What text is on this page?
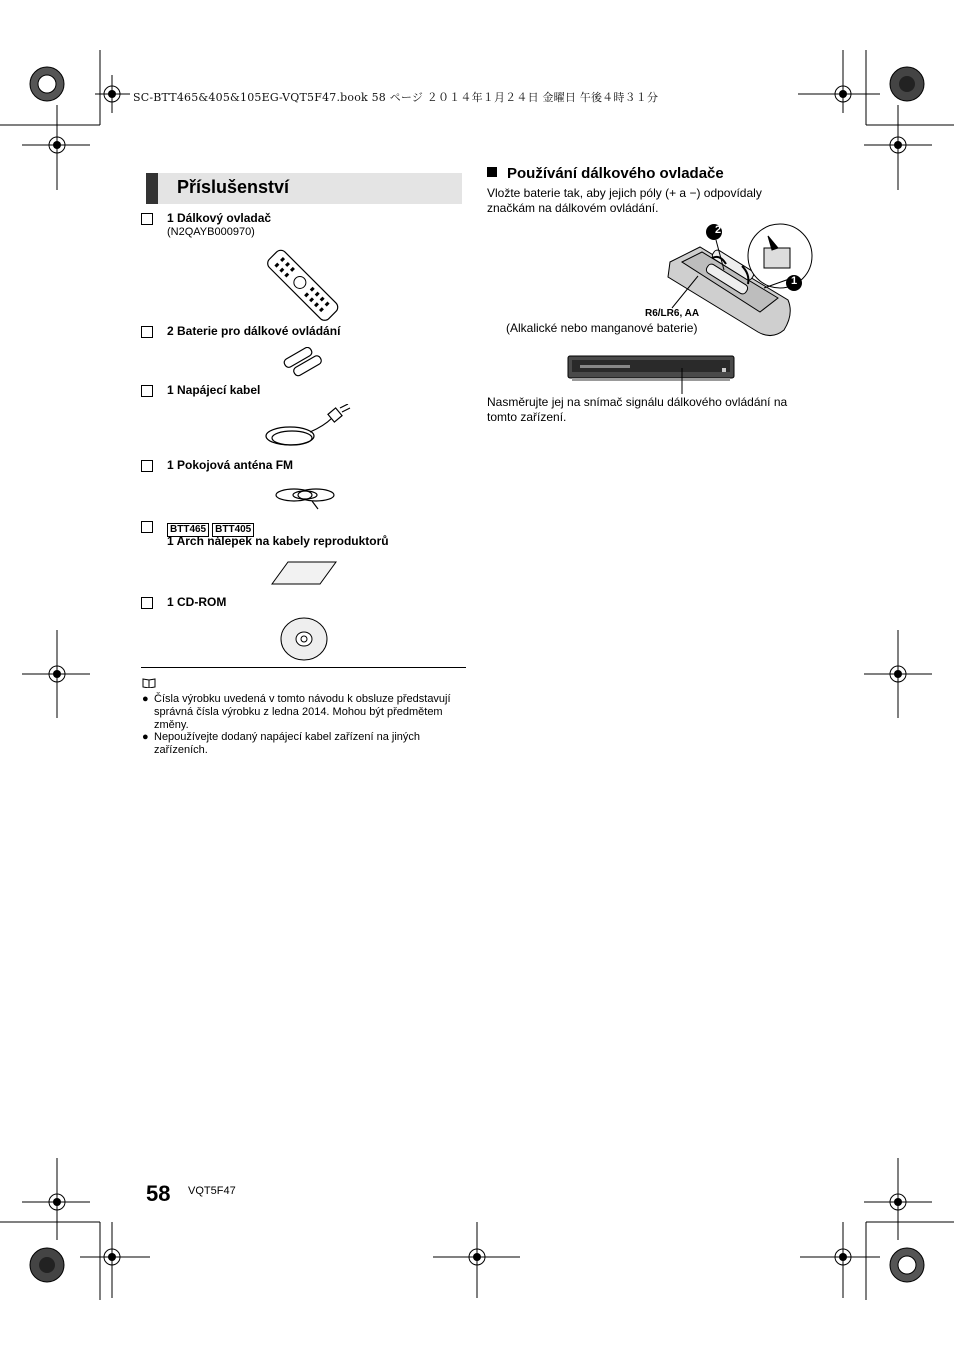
SC-BTT465&405&105EG-VQT5F47.book 58 ページ ２０１４年１月２４日 金曜日 午後４時３１分
Příslušenství
1 Dálkový ovladač
(N2QAYB000970)
2 Baterie pro dálkové ovládání
1 Napájecí kabel
1 Pokojová anténa FM
BTT465 BTT405
1 Arch nálepek na kabely reproduktorů
1 CD-ROM
● Čísla výrobku uvedená v tomto návodu k obsluze představují správná čísla výrobku z ledna 2014. Mohou být předmětem změny.
● Nepoužívejte dodaný napájecí kabel zařízení na jiných zařízeních.
Používání dálkového ovladače
Vložte baterie tak, aby jejich póly (+ a −) odpovídaly značkám na dálkovém ovládání.
2
1
R6/LR6, AA
(Alkalické nebo manganové baterie)
Nasměrujte jej na snímač signálu dálkového ovládání na tomto zařízení.
58 VQT5F47
